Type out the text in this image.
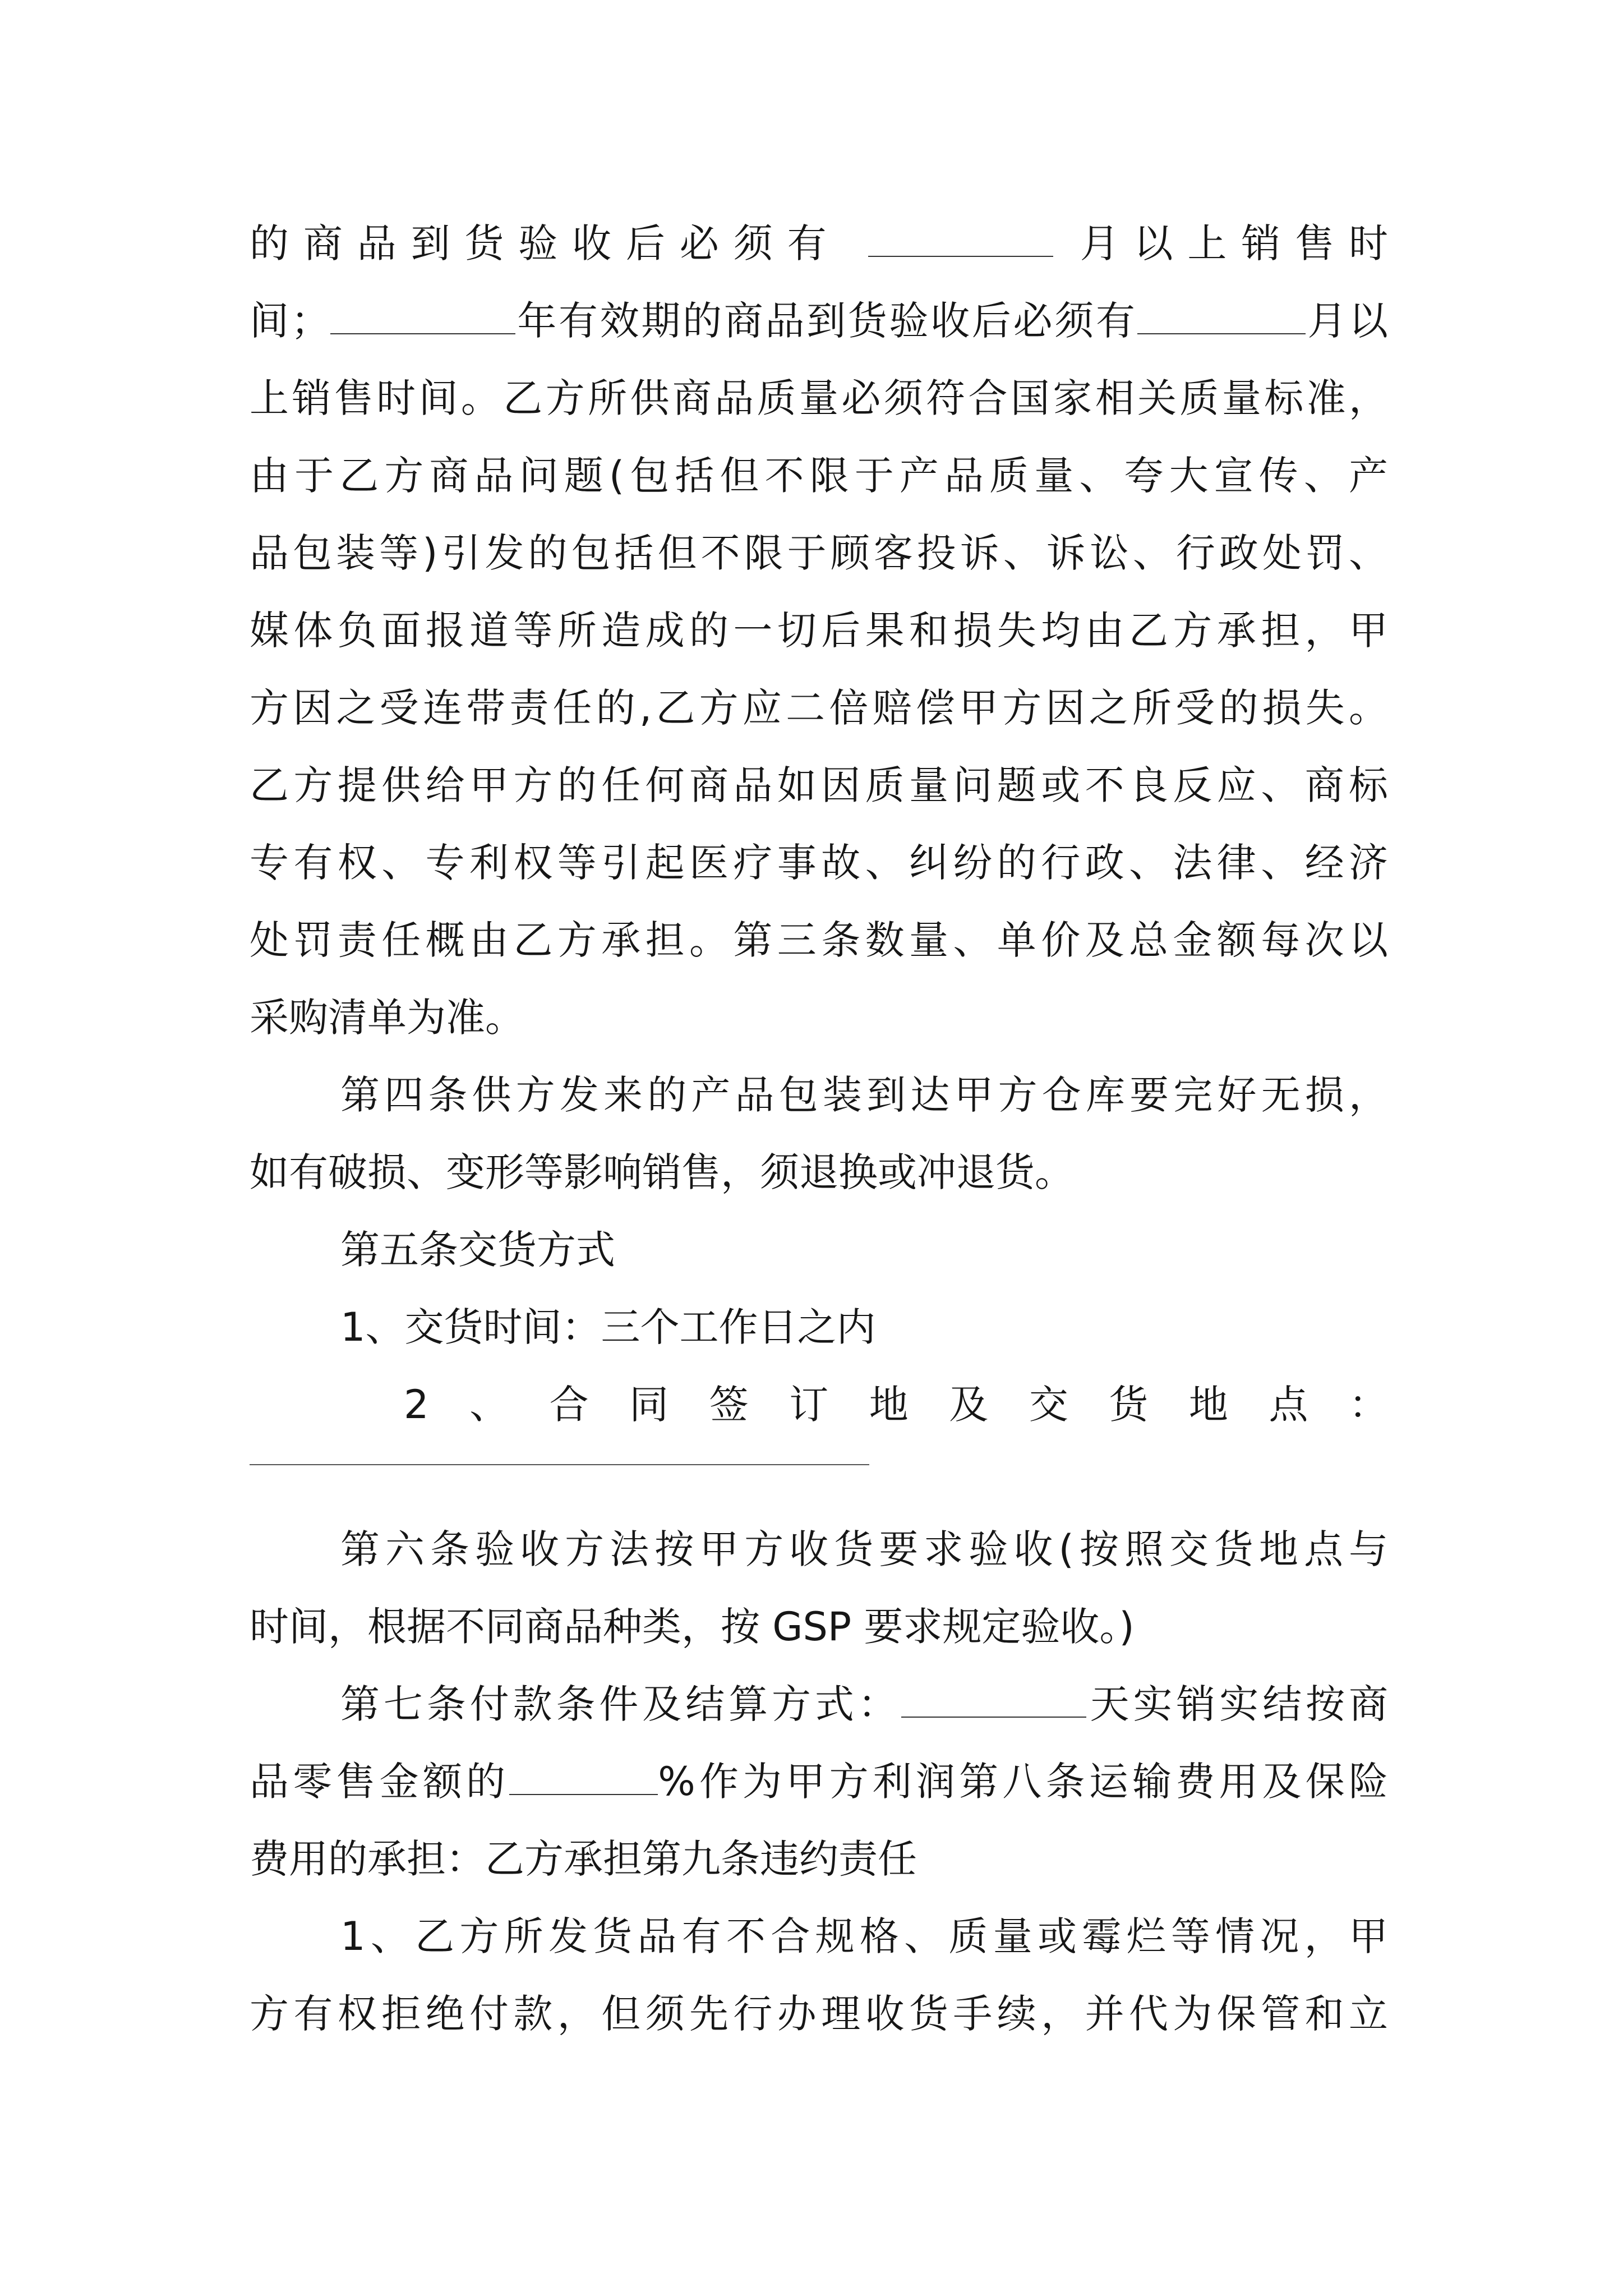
的商品到货验收后必须有	月以上销售时
间；	年有效期的商品到货验收后必须有	月以
上销售时间。乙方所供商品质量必须符合国家相关质量标准，
由于乙方商品问题(包括但不限于产品质量、夸大宣传、产
品包装等)引发的包括但不限于顾客投诉、诉讼、行政处罚、
媒体负面报道等所造成的一切后果和损失均由乙方承担，甲
方因之受连带责任的,乙方应二倍赔偿甲方因之所受的损失。
乙方提供给甲方的任何商品如因质量问题或不良反应、商标
专有权、专利权等引起医疗事故、纠纷的行政、法律、经济
处罚责任概由乙方承担。第三条数量、单价及总金额每次以
采购清单为准。
第四条供方发来的产品包装到达甲方仓库要完好无损，
如有破损、变形等影响销售，须退换或冲退货。
第五条交货方式
1、交货时间：三个工作日之内
2、合同签订地及交货地点：
第六条验收方法按甲方收货要求验收(按照交货地点与
时间，根据不同商品种类，按 GSP 要求规定验收。)
第七条付款条件及结算方式：	天实销实结按商
品零售金额的	%作为甲方利润第八条运输费用及保险
费用的承担：乙方承担第九条违约责任
1、乙方所发货品有不合规格、质量或霉烂等情况，甲
方有权拒绝付款，但须先行办理收货手续，并代为保管和立
